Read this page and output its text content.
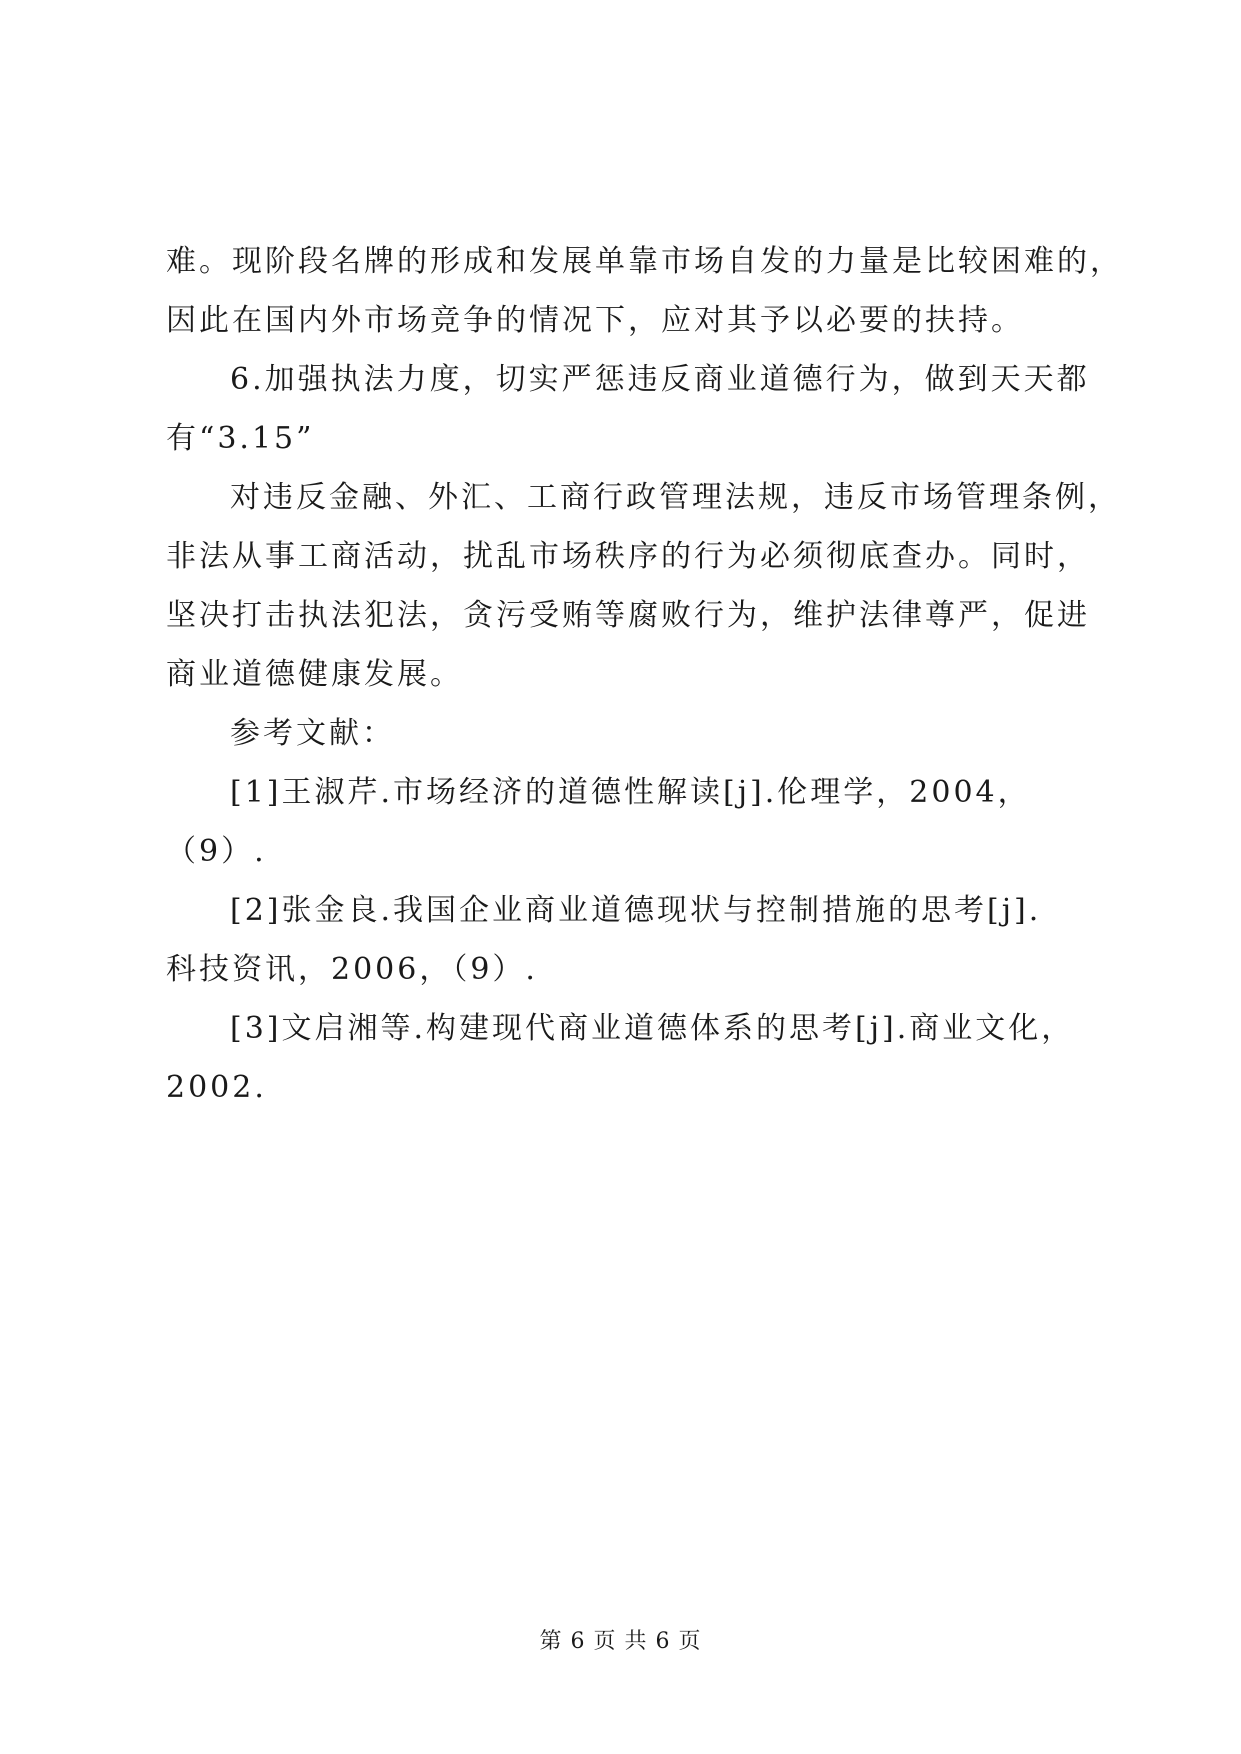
难。现阶段名牌的形成和发展单靠市场自发的力量是比较困难的，
因此在国内外市场竞争的情况下，应对其予以必要的扶持。

6.加强执法力度，切实严惩违反商业道德行为，做到天天都
有“3.15”

对违反金融、外汇、工商行政管理法规，违反市场管理条例，
非法从事工商活动，扰乱市场秩序的行为必须彻底查办。同时，
坚决打击执法犯法，贪污受贿等腐败行为，维护法律尊严，促进
商业道德健康发展。

参考文献：

[1]王淑芹.市场经济的道德性解读[j].伦理学，2004，
（9）.

[2]张金良.我国企业商业道德现状与控制措施的思考[j].
科技资讯，2006，（9）.

[3]文启湘等.构建现代商业道德体系的思考[j].商业文化，
2002.

第 6 页 共 6 页
